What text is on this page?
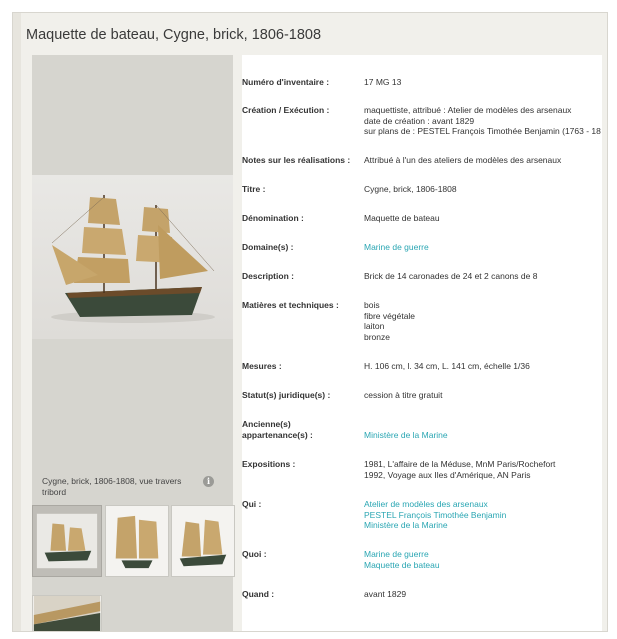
Maquette de bateau, Cygne, brick, 1806-1808
Cygne, brick, 1806-1808, vue travers tribord
i
Numéro d'inventaire :	17 MG 13
Création / Exécution :	maquettiste, attribué : Atelier de modèles des arsenaux
date de création : avant 1829
sur plans de : PESTEL François Timothée Benjamin (1763 - 18
Notes sur les réalisations :	Attribué à l'un des ateliers de modèles des arsenaux
Titre :	Cygne, brick, 1806-1808
Dénomination :	Maquette de bateau
Domaine(s) :	Marine de guerre
Description :	Brick de 14 caronades de 24 et 2 canons de 8
Matières et techniques :	bois
fibre végétale
laiton
bronze
Mesures :	H. 106 cm, l. 34 cm, L. 141 cm, échelle 1/36
Statut(s) juridique(s) :	cession à titre gratuit
Ancienne(s) appartenance(s) :	Ministère de la Marine
Expositions :	1981, L'affaire de la Méduse, MnM Paris/Rochefort
1992, Voyage aux Iles d'Amérique, AN Paris
Qui :	Atelier de modèles des arsenaux
PESTEL François Timothée Benjamin
Ministère de la Marine
Quoi :	Marine de guerre
Maquette de bateau
Quand :	avant 1829
